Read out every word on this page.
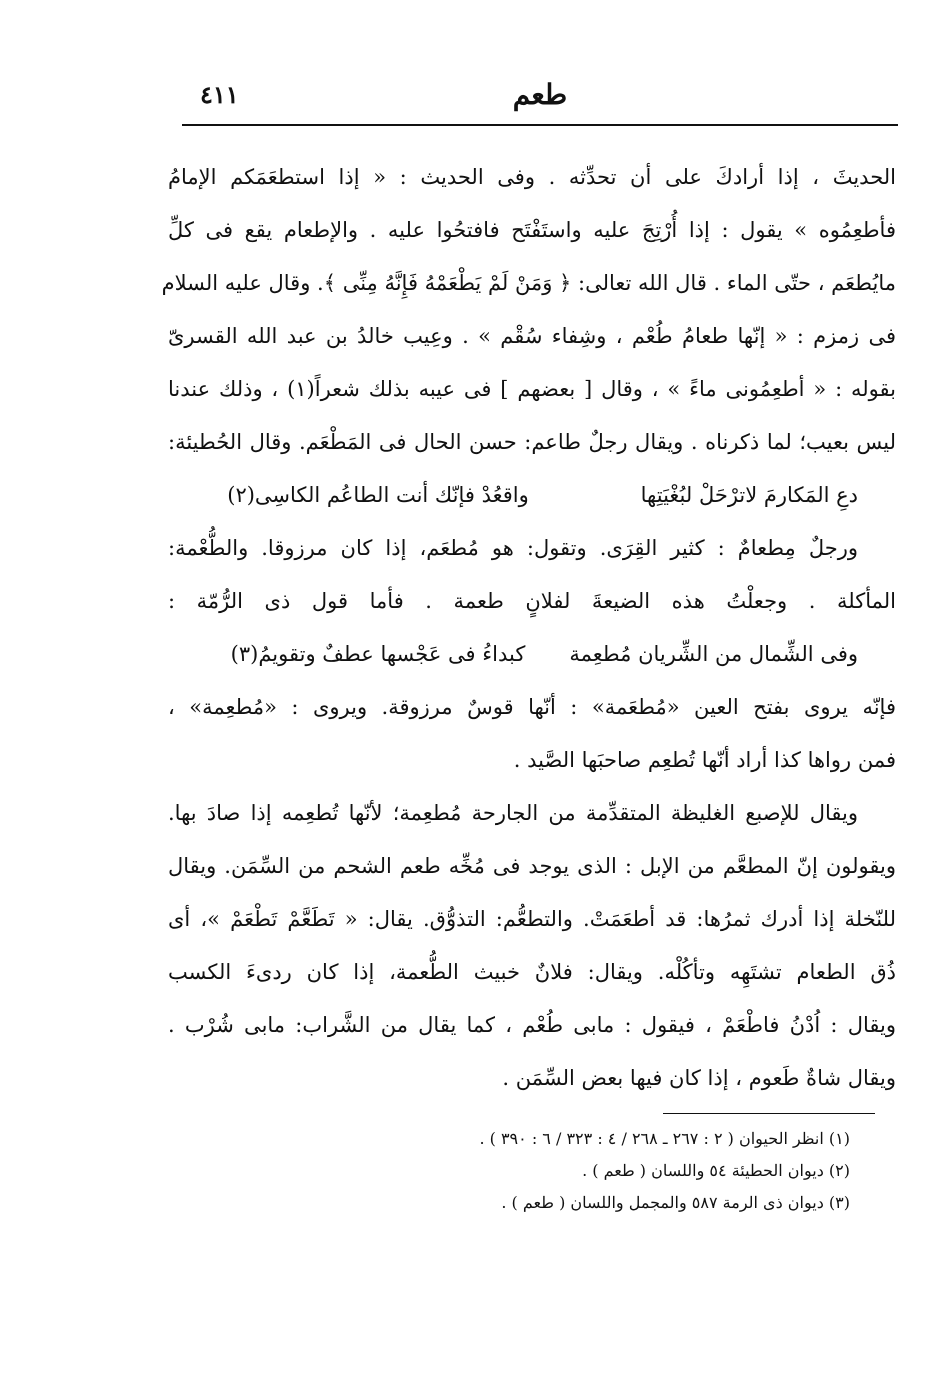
٤١١	طعم
الحديثَ ، إذا أرادكَ على أن تحدِّثه . وفى الحديث : « إذا استطعَمَكم الإمامُ
فأطعِمُوه » يقول : إذا أُرْتِجَ عليه واستَفْتَح فافتحُوا عليه . والإطعام يقع فى كلِّ
مايُطعَم ، حتّى الماء . قال الله تعالى: ﴿ وَمَنْ لَمْ يَطْعَمْهُ فَإِنَّهُ مِنِّى ﴾. وقال عليه السلام
فى زمزم : « إنّها طعامُ طُعْم ، وشِفاء سُقْم » . وعِيب خالدُ بن عبد الله القسرىّ
بقوله : « أطعِمُونى ماءً » ، وقال [ بعضهم ] فى عيبه بذلك شعراً(١) ، وذلك عندنا
ليس بعيب؛ لما ذكرناه . ويقال رجلٌ طاعم: حسن الحال فى المَطْعَم. وقال الحُطيئة:
دعِ المَكارمَ لاترْحَلْ لبُغْيَتِها
واقعُدْ فإنّك أنت الطاعُم الكاسِى(٢)
ورجلٌ مِطعامٌ : كثير القِرَى. وتقول: هو مُطعَم، إذا كان مرزوقا. والطُّعْمة:
المأكلة . وجعلْتُ هذه الضيعةَ لفلانٍ طعمة . فأما قول ذى الرُّمّة :
وفى الشِّمال من الشِّريان مُطعِمة
كبداءُ فى عَجْسها عطفٌ وتقويمُ(٣)
فإنّه يروى بفتح العين «مُطعَمة» : أنّها قوسٌ مرزوقة. ويروى : «مُطعِمة» ،
فمن رواها كذا أراد أنّها تُطعِم صاحبَها الصَّيد .
ويقال للإصبع الغليظة المتقدِّمة من الجارحة مُطعِمة؛ لأنّها تُطعِمه إذا صادَ بها.
ويقولون إنّ المطعَّم من الإبل : الذى يوجد فى مُخِّه طعم الشحم من السِّمَن. ويقال
للنّخلة إذا أدرك ثمرُها: قد أطعَمَتْ. والتطعُّم: التذوُّق. يقال: « تَطَعَّمْ تَطْعَمْ »، أى
ذُق الطعام تشتَهِه وتأكُلْه. ويقال: فلانٌ خبيث الطُّعمة، إذا كان ردىءَ الكسب
ويقال : اُدْنُ فاطْعَمْ ، فيقول : مابى طُعْم ، كما يقال من الشَّراب: مابى شُرْب .
ويقال شاةٌ طَعوم ، إذا كان فيها بعض السِّمَن .
(١) انظر الحيوان ( ٢ : ٢٦٧ ـ ٢٦٨ / ٤ : ٣٢٣ / ٦ : ٣٩٠ ) .
(٢) ديوان الحطيئة ٥٤ واللسان ( طعم ) .
(٣) ديوان ذى الرمة ٥٨٧ والمجمل واللسان ( طعم ) .
